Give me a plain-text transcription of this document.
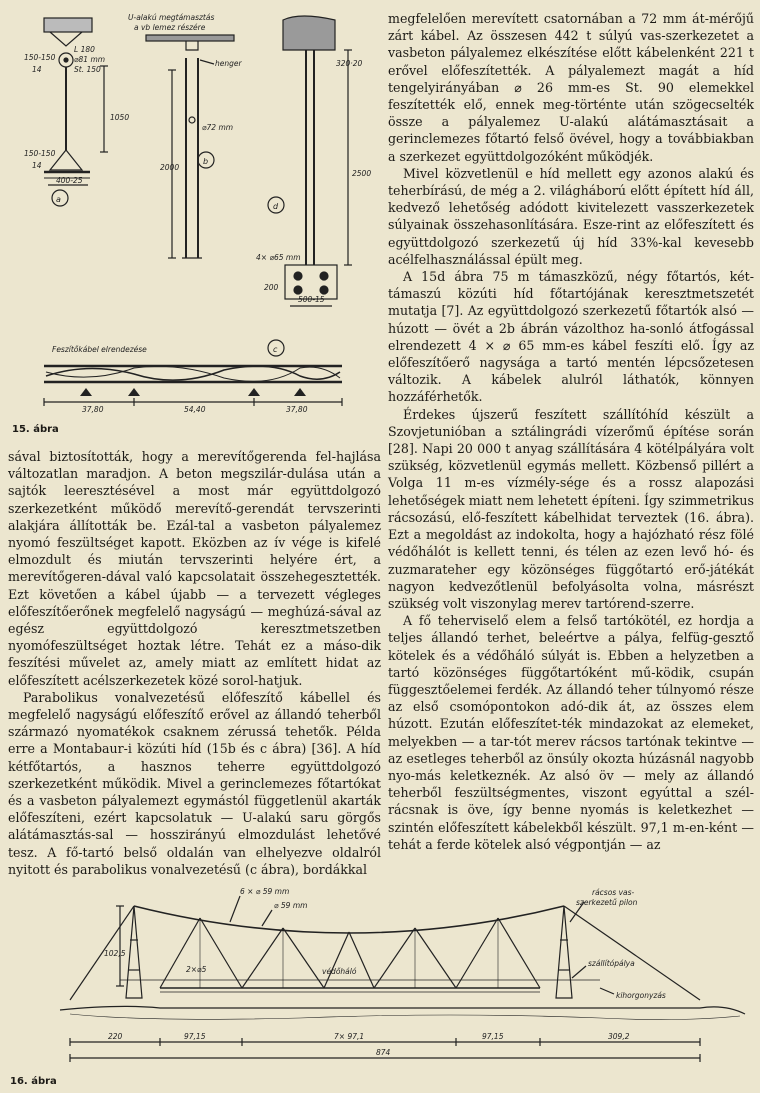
U-alakú megtámasztás
a vb lemez részére
henger
L 180
⌀81 mm
St. 150
150-150
14
150-150
14
1050
400-25
a
⌀72 mm
2000
b
320·20
2500
4× ⌀65 mm
200
500-15
d
c
Feszítőkábel elrendezése
37,80	54,40	37,80
15. ábra

sával biztosították, hogy a merevítőgerenda fel-hajlása változatlan maradjon. A beton megszilár-dulása után a sajtók leeresztésével a most már együttdolgozó szerkezetként működő merevítő-gerendát tervszerinti alakjára állították be. Ezál-tal a vasbeton pályalemez nyomó feszültséget kapott. Eközben az ív vége is kifelé elmozdult és miután tervszerinti helyére ért, a merevítőgeren-dával való kapcsolatait összehegesztették. Ezt követően a kábel újabb — a tervezett végleges előfeszítőerőnek megfelelő nagyságú — meghúzá-sával az egész együttdolgozó keresztmetszetben nyomófeszültséget hoztak létre. Tehát ez a máso-dik feszítési művelet az, amely miatt az említett hidat az előfeszített acélszerkezetek közé sorol-hatjuk.

Parabolikus vonalvezetésű előfeszítő kábellel és megfelelő nagyságú előfeszítő erővel az állandó teherből származó nyomatékok csaknem zérussá tehetők. Példa erre a Montabaur-i közúti híd (15b és c ábra) [36]. A híd kétfőtartós, a hasznos teherre együttdolgozó szerkezetként működik. Mivel a gerinclemezes főtartókat és a vasbeton pályalemezt egymástól függetlenül akarták előfeszíteni, ezért kapcsolatuk — U-alakú saru görgős alátámasztás-sal — hosszirányú elmozdulást lehetővé tesz. A fő-tartó belső oldalán van elhelyezve oldalról nyitott és parabolikus vonalvezetésű (c ábra), bordákkal

megfelelően merevített csatornában a 72 mm át-mérőjű zárt kábel. Az összesen 442 t súlyú vas-szerkezetet a vasbeton pályalemez elkészítése előtt kábelenként 221 t erővel előfeszítették. A pályalemezt magát a híd tengelyirányában ⌀ 26 mm-es St. 90 elemekkel feszítették elő, ennek meg-történte után szögecselték össze a pályalemez U-alakú alátámasztásait a gerinclemezes főtartó felső övével, hogy a továbbiakban a szerkezet együttdolgozóként működjék.

Mivel közvetlenül e híd mellett egy azonos alakú és teherbírású, de még a 2. világháború előtt épített híd áll, kedvező lehetőség adódott kivitelezett vasszerkezetek súlyainak összehasonlítására. Esze-rint az előfeszített és együttdolgozó szerkezetű új híd 33%-kal kevesebb acélfelhasználással épült meg.

A 15d ábra 75 m támaszközű, négy főtartós, két-támaszú közúti híd főtartójának keresztmetszetét mutatja [7]. Az együttdolgozó szerkezetű főtartók alsó — húzott — övét a 2b ábrán vázolthoz ha-sonló átfogással elrendezett 4 × ⌀ 65 mm-es kábel feszíti elő. Így az előfeszítőerő nagysága a tartó mentén lépcsőzetesen változik. A kábelek alulról láthatók, könnyen hozzáférhetők.

Érdekes újszerű feszített szállítóhíd készült a Szovjetunióban a sztálingrádi vízerőmű építése során [28]. Napi 20 000 t anyag szállítására 4 kötélpályára volt szükség, közvetlenül egymás mellett. Közbenső pillért a Volga 11 m-es vízmély-sége és a rossz alapozási lehetőségek miatt nem lehetett építeni. Így szimmetrikus rácsozású, elő-feszített kábelhidat terveztek (16. ábra). Ezt a megoldást az indokolta, hogy a hajózható rész fölé védőhálót is kellett tenni, és télen az ezen levő hó- és zuzmarateher egy közönséges függőtartó erő-játékát nagyon kedvezőtlenül befolyásolta volna, másrészt szükség volt viszonylag merev tartórend-szerre.

A fő teherviselő elem a felső tartókötél, ez hordja a teljes állandó terhet, beleértve a pálya, felfüg-gesztő kötelek és a védőháló súlyát is. Ebben a helyzetben a tartó közönséges függőtartóként mű-ködik, csupán függesztőelemei ferdék. Az állandó teher túlnyomó része az első csomópontokon adó-dik át, az összes elem húzott. Ezután előfeszítet-ték mindazokat az elemeket, melyekben — a tar-tót merev rácsos tartónak tekintve — az esetleges teherből az önsúly okozta húzásnál nagyobb nyo-más keletkeznék. Az alsó öv — mely az állandó teherből feszültségmentes, viszont egyúttal a szél-rácsnak is öve, így benne nyomás is keletkezhet — szintén előfeszített kábelekből készült. 97,1 m-en-ként — tehát a ferde kötelek alsó végpontján — az

6 × ⌀ 59 mm
⌀ 59 mm
rácsos vas-
szerkezetű pilon
szállítópálya
védőháló
kihorgonyzás
102,5
2×⌀5
220	97,15	7× 97,1	97,15	309,2
874
16. ábra
